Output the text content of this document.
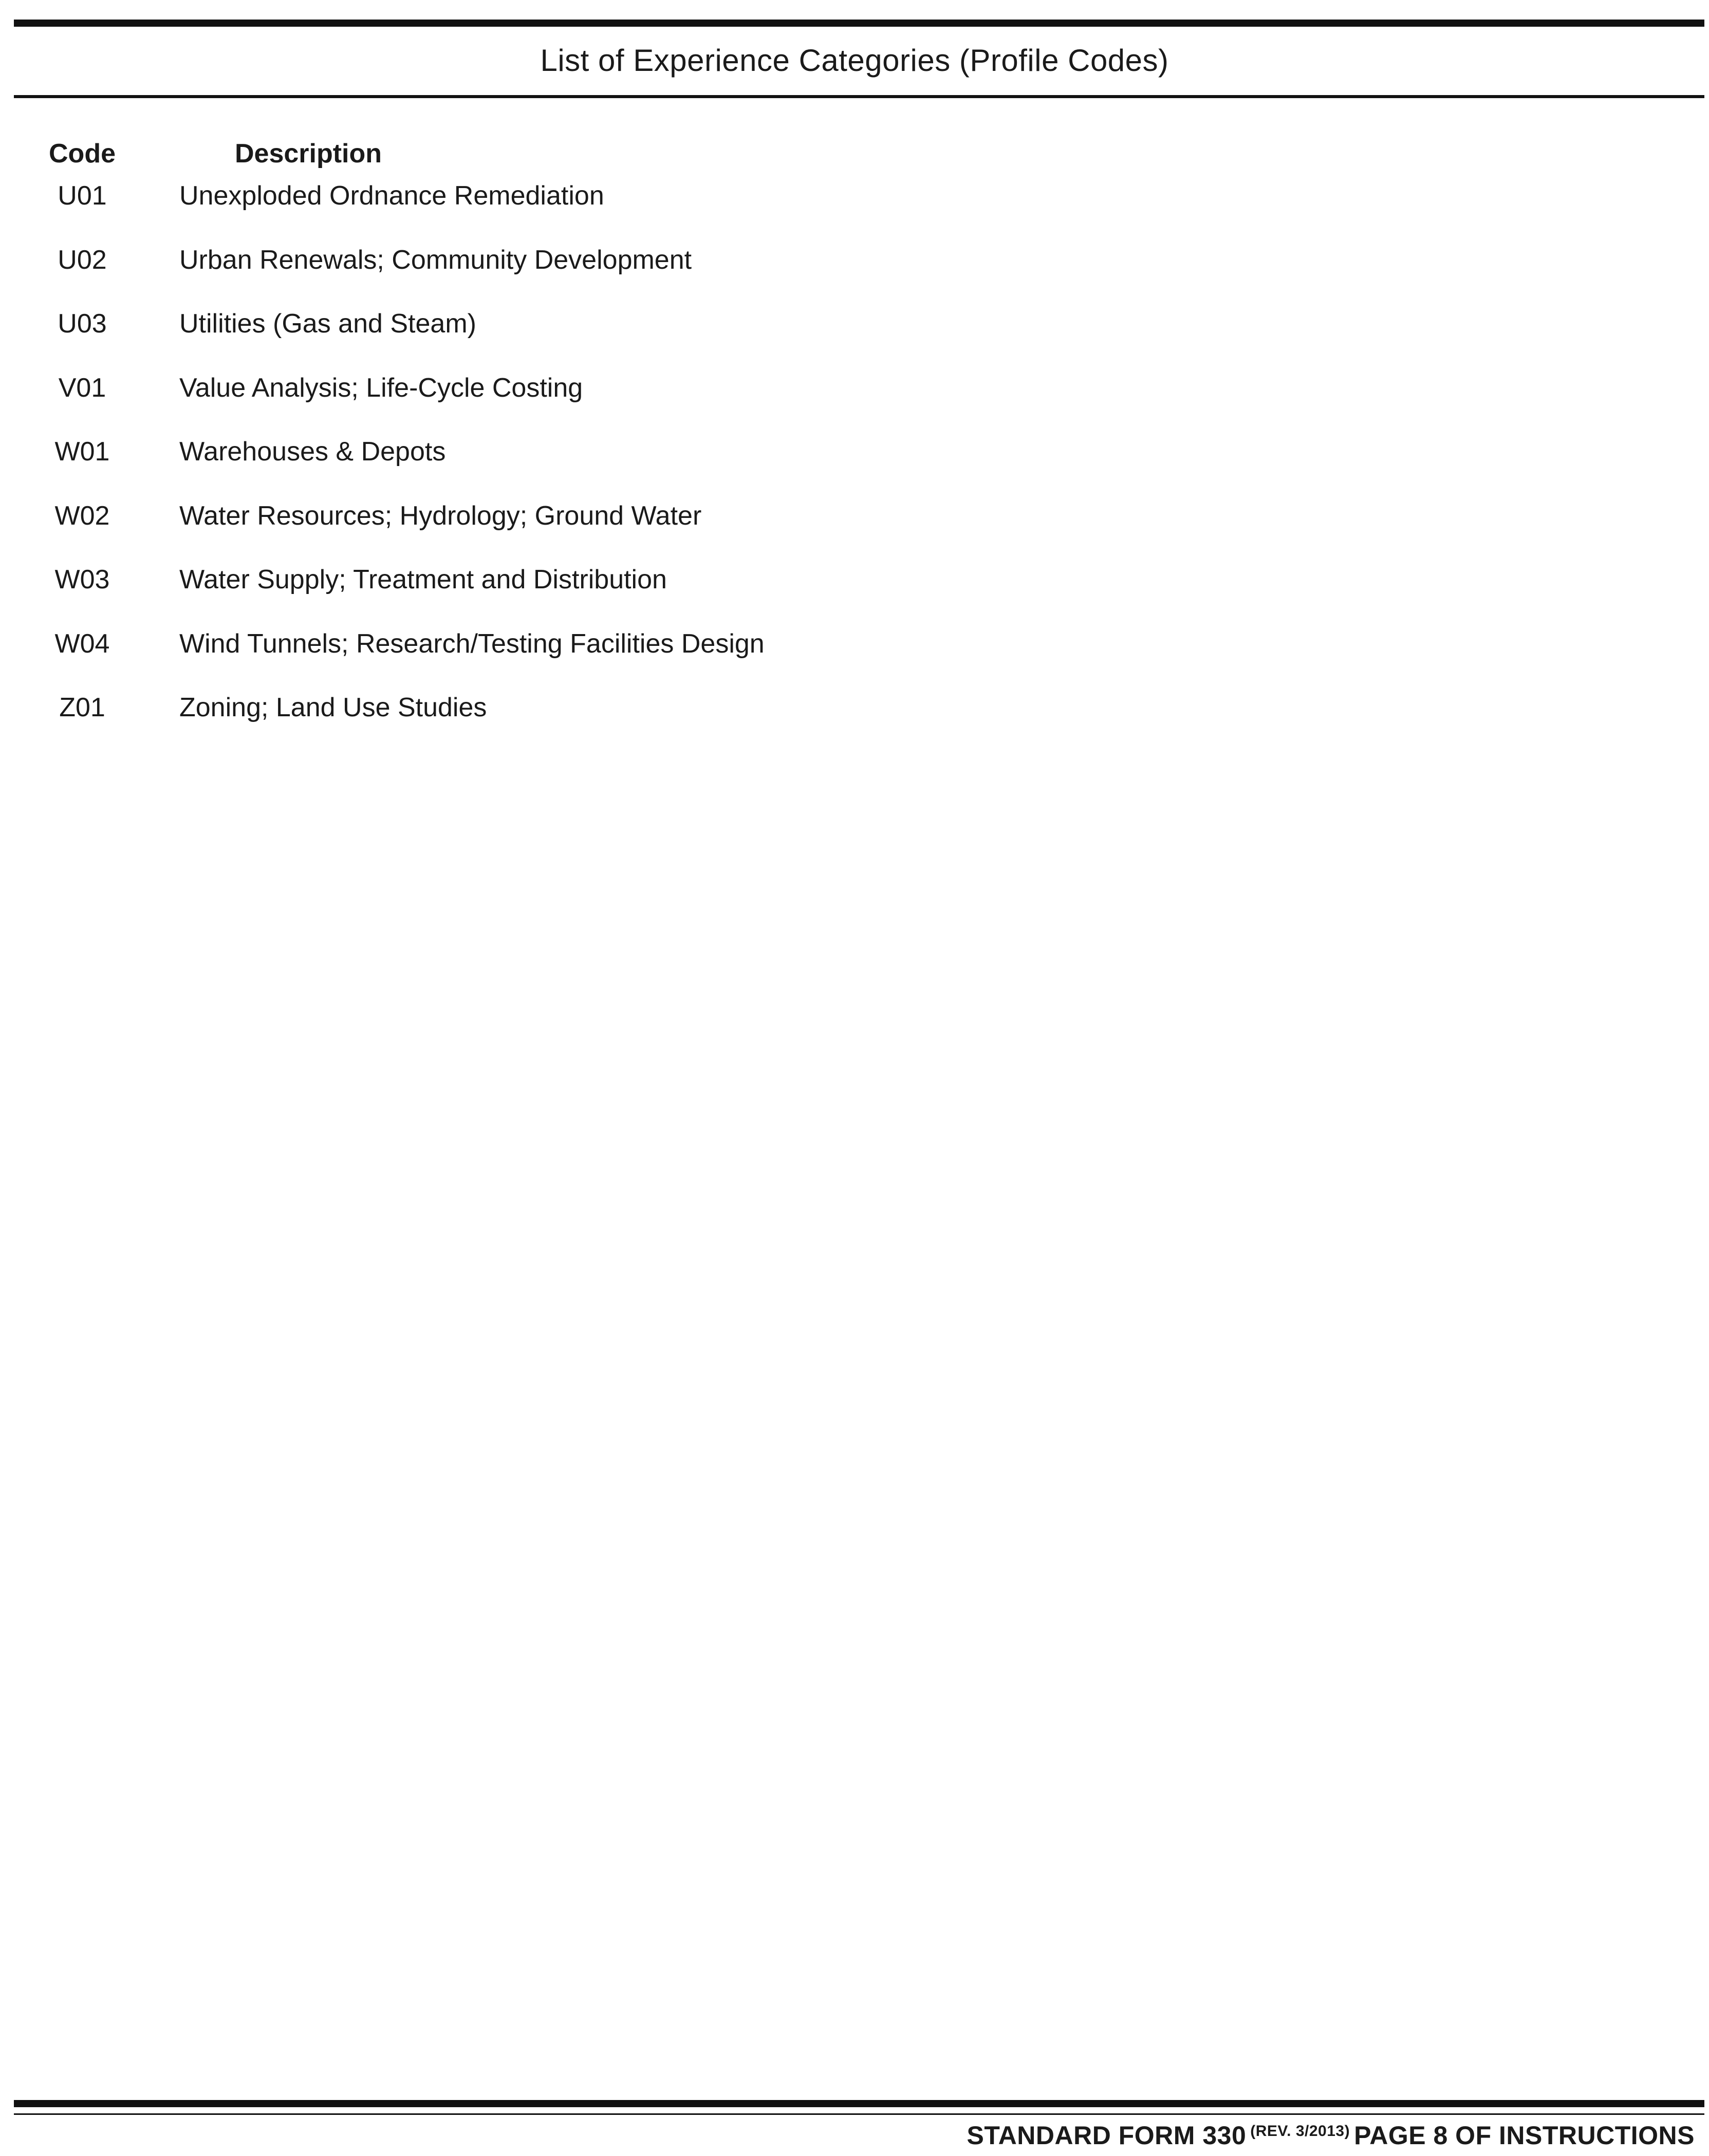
List of Experience Categories (Profile Codes)
Code	Description
U01	Unexploded Ordnance Remediation
U02	Urban Renewals; Community Development
U03	Utilities (Gas and Steam)
V01	Value Analysis; Life-Cycle Costing
W01	Warehouses & Depots
W02	Water Resources; Hydrology; Ground Water
W03	Water Supply; Treatment and Distribution
W04	Wind Tunnels; Research/Testing Facilities Design
Z01	Zoning; Land Use Studies
STANDARD FORM 330 $^{(REV. 3/2013)}$ PAGE 8 OF INSTRUCTIONS
